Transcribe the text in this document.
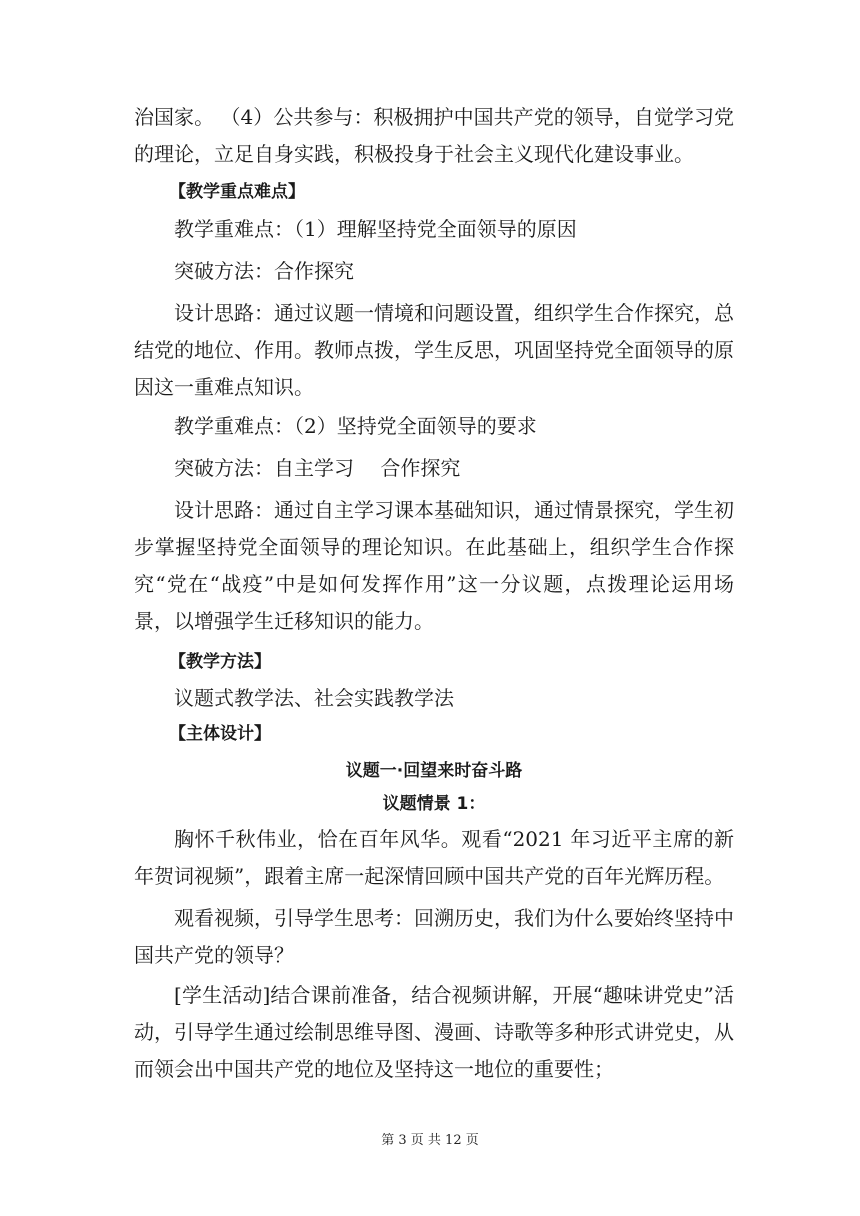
治国家。 （4）公共参与：积极拥护中国共产党的领导，自觉学习党的理论，立足自身实践，积极投身于社会主义现代化建设事业。

【教学重点难点】

教学重难点：（1）理解坚持党全面领导的原因

突破方法：合作探究

设计思路：通过议题一情境和问题设置，组织学生合作探究，总结党的地位、作用。教师点拨，学生反思，巩固坚持党全面领导的原因这一重难点知识。

教学重难点：（2）坚持党全面领导的要求

突破方法：自主学习　 合作探究

设计思路：通过自主学习课本基础知识，通过情景探究，学生初步掌握坚持党全面领导的理论知识。在此基础上，组织学生合作探究“党在“战疫”中是如何发挥作用”这一分议题，点拨理论运用场景，以增强学生迁移知识的能力。

【教学方法】

议题式教学法、社会实践教学法

【主体设计】
议题一·回望来时奋斗路
议题情景 1：

胸怀千秋伟业，恰在百年风华。观看“2021 年习近平主席的新年贺词视频”，跟着主席一起深情回顾中国共产党的百年光辉历程。

观看视频，引导学生思考：回溯历史，我们为什么要始终坚持中国共产党的领导？

[学生活动]结合课前准备，结合视频讲解，开展“趣味讲党史”活动，引导学生通过绘制思维导图、漫画、诗歌等多种形式讲党史，从而领会出中国共产党的地位及坚持这一地位的重要性；

第 3 页 共 12 页
